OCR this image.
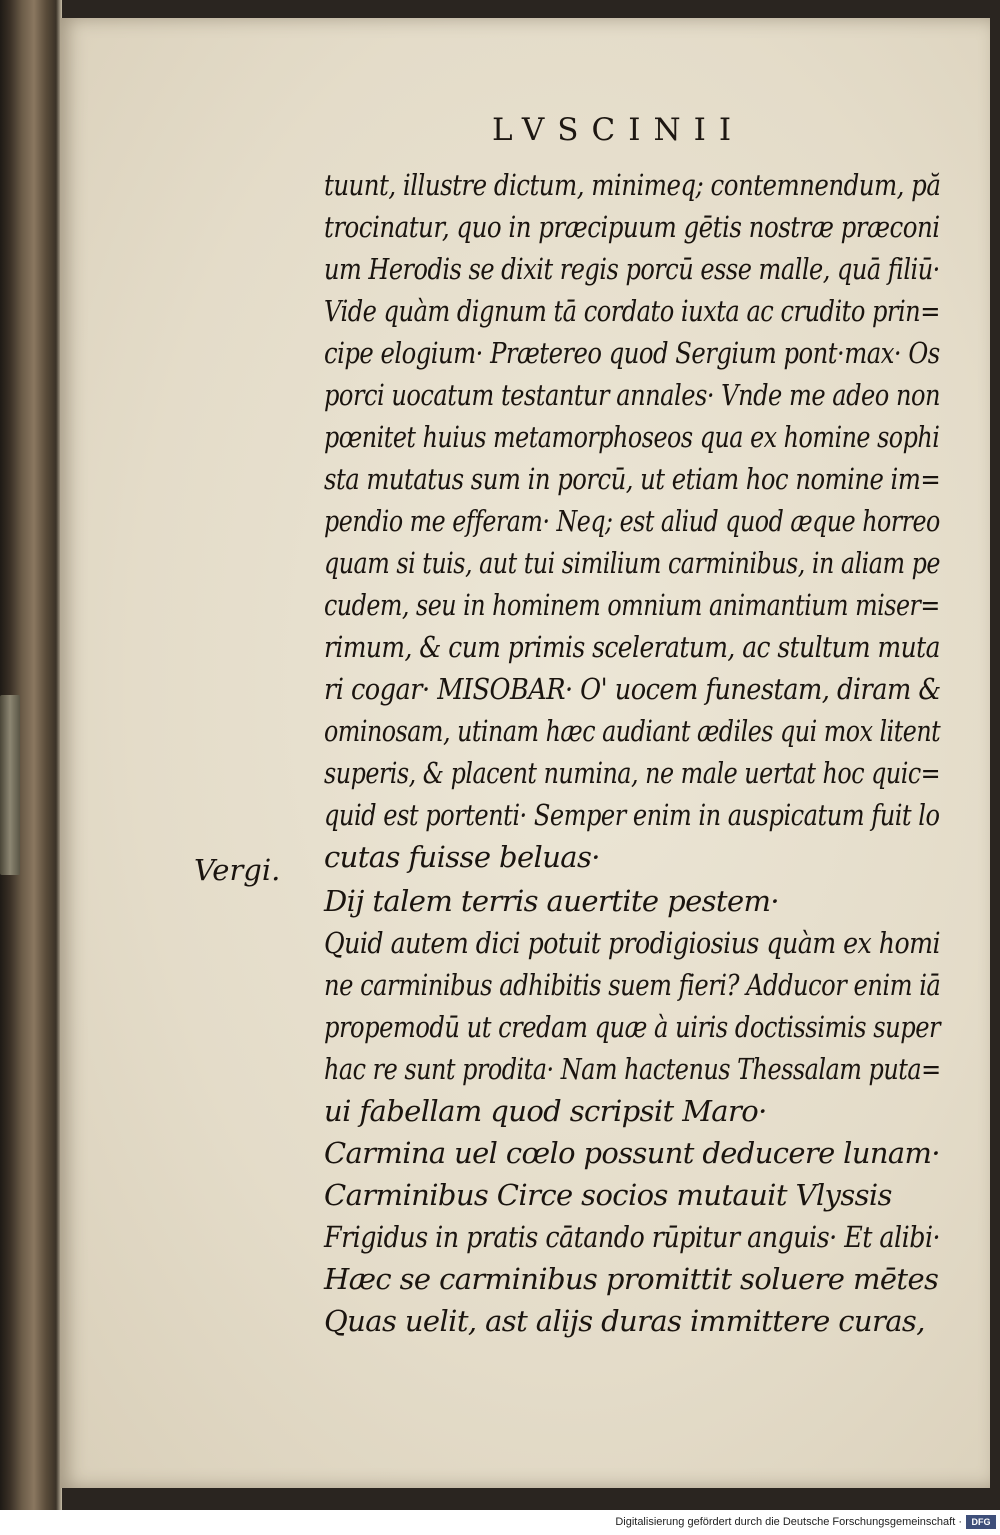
LVSCINII
Vergi.
tuunt, illustre dictum, minimeq; contemnendum, pă
trocinatur, quo in præcipuum gētis nostræ præconi
um Herodis se dixit regis porcū esse malle, quā filiū·
Vide quàm dignum tā cordato iuxta ac crudito prin=
cipe elogium· Prætereo quod Sergium pont·max· Os
porci uocatum testantur annales· Vnde me adeo non
pœnitet huius metamorphoseos qua ex homine sophi
sta mutatus sum in porcū, ut etiam hoc nomine im=
pendio me efferam· Neq; est aliud quod æque horreo
quam si tuis, aut tui similium carminibus, in aliam pe
cudem, seu in hominem omnium animantium miser=
rimum, & cum primis sceleratum, ac stultum muta
ri cogar· MISOBAR· O' uocem funestam, diram &
ominosam, utinam hæc audiant ædiles qui mox litent
superis, & placent numina, ne male uertat hoc quic=
quid est portenti· Semper enim in auspicatum fuit lo
cutas fuisse beluas·
Dij talem terris auertite pestem·
Quid autem dici potuit prodigiosius quàm ex homi
ne carminibus adhibitis suem fieri? Adducor enim iā
propemodū ut credam quæ à uiris doctissimis super
hac re sunt prodita· Nam hactenus Thessalam puta=
ui fabellam quod scripsit Maro·
Carmina uel cœlo possunt deducere lunam·
Carminibus Circe socios mutauit Vlyssis
Frigidus in pratis cātando rūpitur anguis· Et alibi·
Hæc se carminibus promittit soluere mētes
Quas uelit, ast alijs duras immittere curas,
Digitalisierung gefördert durch die Deutsche Forschungsgemeinschaft ·	DFG
